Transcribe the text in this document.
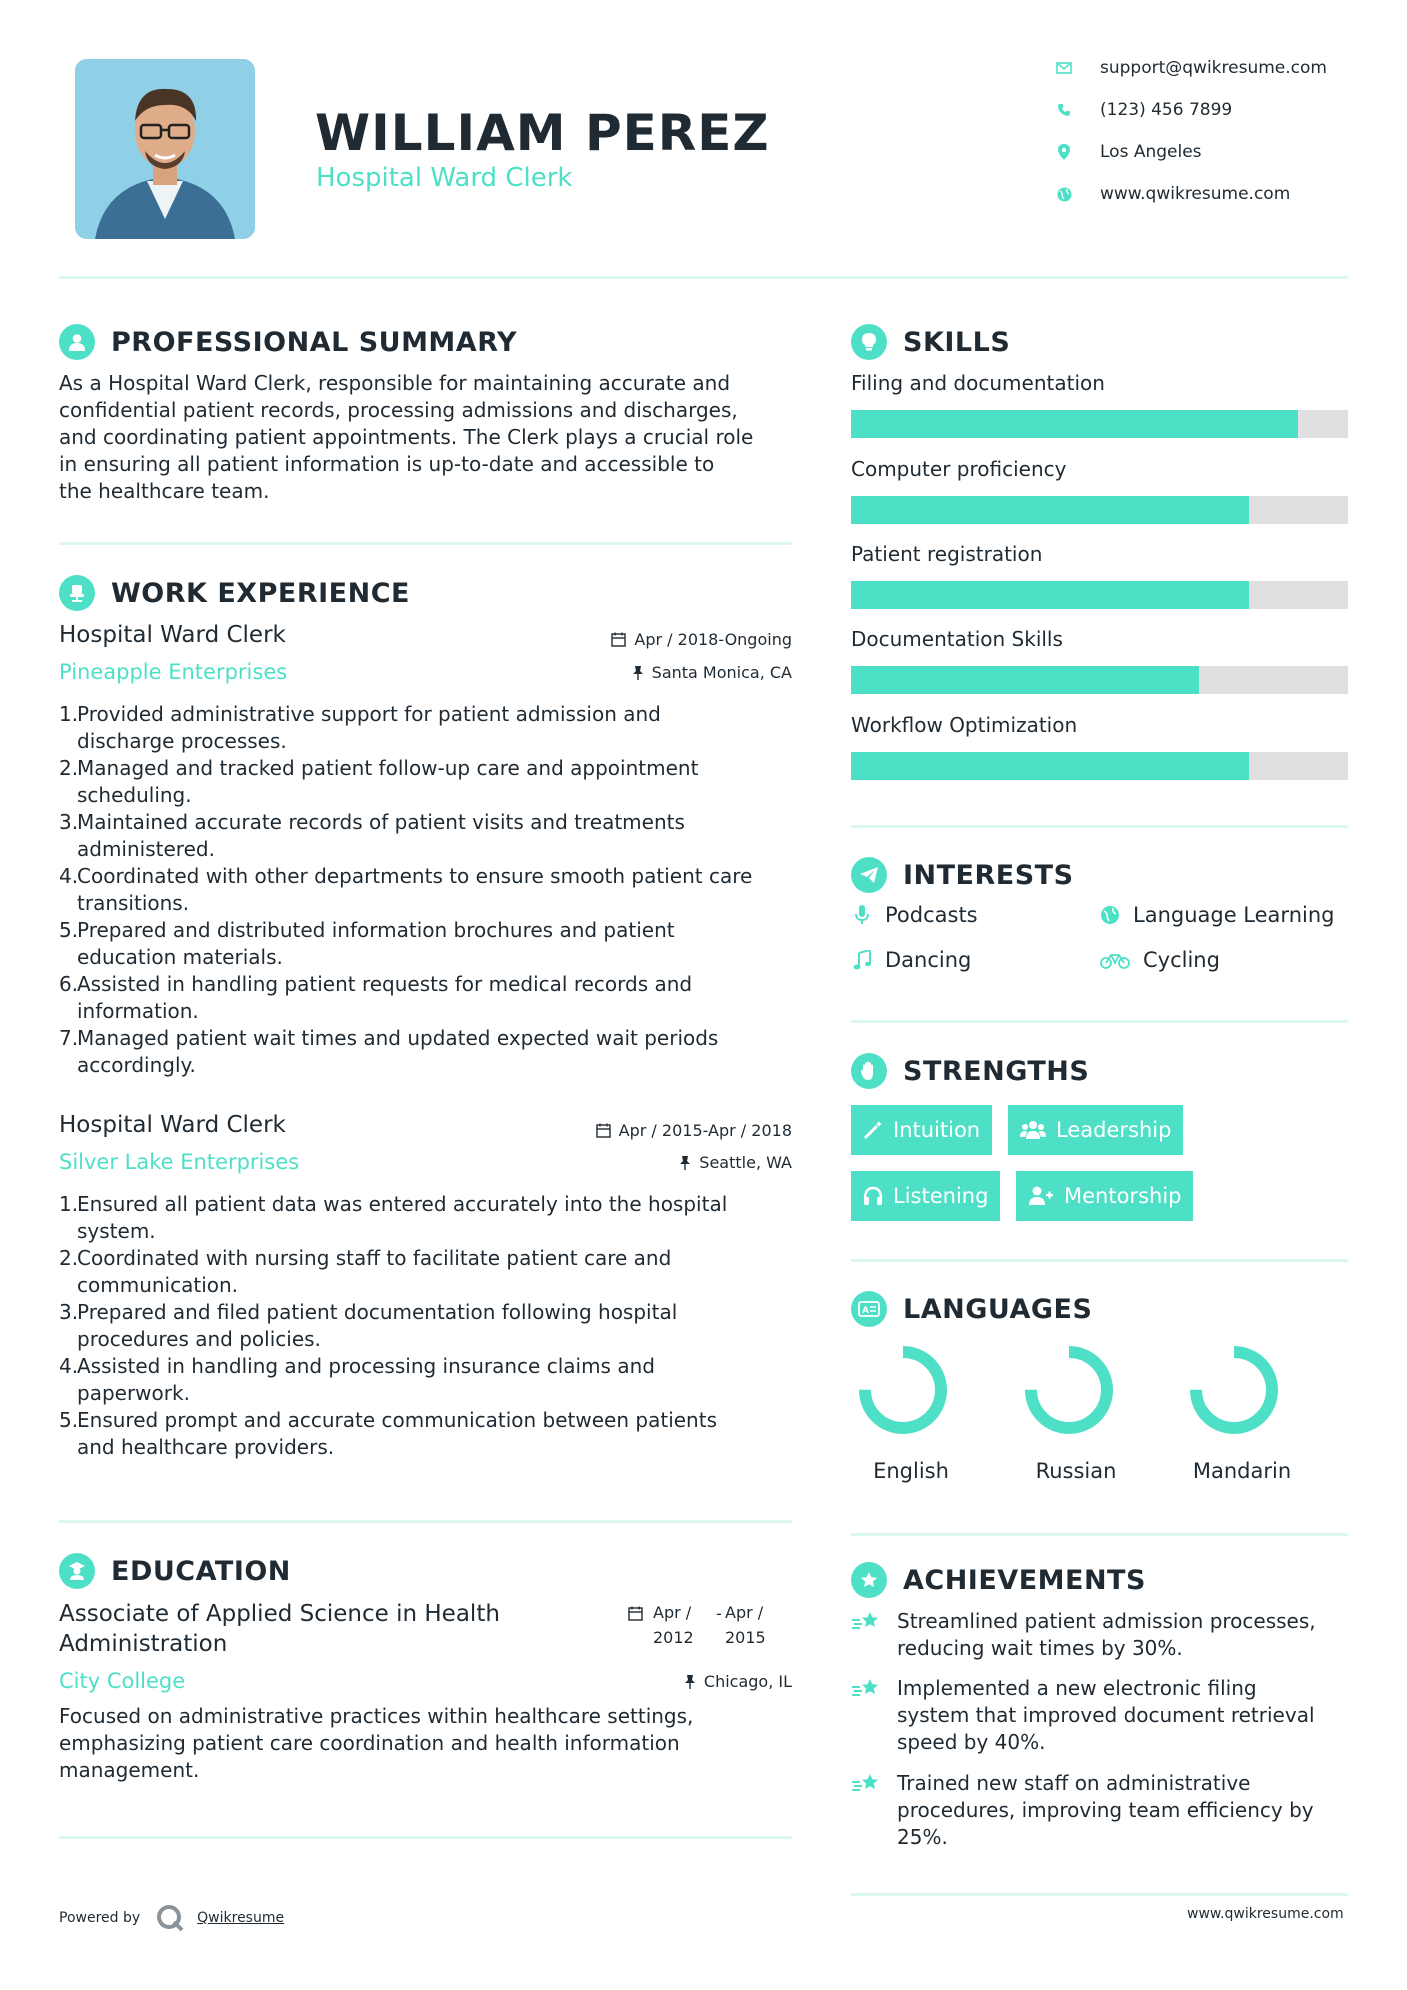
WILLIAM PEREZ
Hospital Ward Clerk
support@qwikresume.com
(123) 456 7899
Los Angeles
www.qwikresume.com
PROFESSIONAL SUMMARY
As a Hospital Ward Clerk, responsible for maintaining accurate and
confidential patient records, processing admissions and discharges,
and coordinating patient appointments. The Clerk plays a crucial role
in ensuring all patient information is up-to-date and accessible to
the healthcare team.
WORK EXPERIENCE
Hospital Ward Clerk	Apr / 2018-Ongoing
Pineapple Enterprises	Santa Monica, CA
1.
Provided administrative support for patient admission and
discharge processes.
2.
Managed and tracked patient follow-up care and appointment
scheduling.
3.
Maintained accurate records of patient visits and treatments
administered.
4.
Coordinated with other departments to ensure smooth patient care
transitions.
5.
Prepared and distributed information brochures and patient
education materials.
6.
Assisted in handling patient requests for medical records and
information.
7.
Managed patient wait times and updated expected wait periods
accordingly.
Hospital Ward Clerk	Apr / 2015-Apr / 2018
Silver Lake Enterprises	Seattle, WA
1.
Ensured all patient data was entered accurately into the hospital
system.
2.
Coordinated with nursing staff to facilitate patient care and
communication.
3.
Prepared and filed patient documentation following hospital
procedures and policies.
4.
Assisted in handling and processing insurance claims and
paperwork.
5.
Ensured prompt and accurate communication between patients
and healthcare providers.
EDUCATION
Associate of Applied Science in Health
Administration
Apr /
2012
- Apr /
2015
City College	Chicago, IL
Focused on administrative practices within healthcare settings,
emphasizing patient care coordination and health information
management.
SKILLS
Filing and documentation
Computer proficiency
Patient registration
Documentation Skills
Workflow Optimization
INTERESTS
Podcasts	Language Learning
Dancing	Cycling
STRENGTHS
Intuition	Leadership
Listening	Mentorship
A LANGUAGES
English	Russian	Mandarin
ACHIEVEMENTS
Streamlined patient admission processes,
reducing wait times by 30%.
Implemented a new electronic filing
system that improved document retrieval
speed by 40%.
Trained new staff on administrative
procedures, improving team efficiency by
25%.
Powered by	Qwikresume	www.qwikresume.com
